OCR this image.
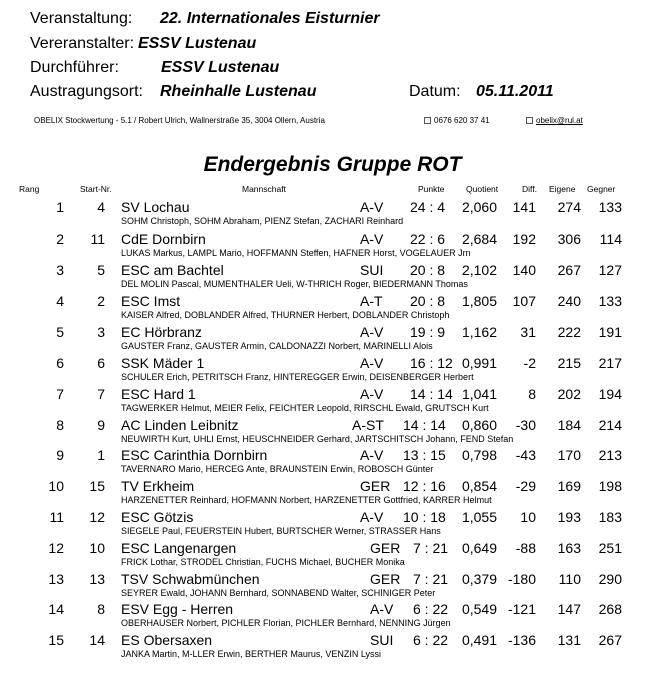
Veranstaltung: 22. Internationales Eisturnier
Vereranstalter: ESSV Lustenau
Durchführer:	ESSV Lustenau
Austragungsort: Rheinhalle Lustenau	Datum: 05.11.2011
OBELIX Stockwertung - 5.1 / Robert Ulrich, Wallnerstraße 35, 3004 Ollern, Austria	0676 620 37 41	obelix@rul.at
Endergebnis Gruppe ROT
Rang	Start-Nr.	Mannschaft	Punkte	Quotient	Diff. Eigene Gegner
1	4 SV Lochau	A-V 24 : 4	2,060	141	274	133
SOHM Christoph, SOHM Abraham, PIENZ Stefan, ZACHARI Reinhard
2	11 CdE Dornbirn	A-V 22 : 6	2,684	192	306	114
LUKAS Markus, LAMPL Mario, HOFFMANN Steffen, HAFNER Horst, VOGELAUER Jrn
3	5 ESC am Bachtel	SUI 20 : 8	2,102	140	267	127
DEL MOLIN Pascal, MUMENTHALER Ueli, W-THRICH Roger, BIEDERMANN Thomas
4	2 ESC Imst	A-T 20 : 8	1,805	107	240	133
KAISER Alfred, DOBLANDER Alfred, THURNER Herbert, DOBLANDER Christoph
5	3 EC Hörbranz	A-V 19 : 9	1,162	31	222	191
GAUSTER Franz, GAUSTER Armin, CALDONAZZI Norbert, MARINELLI Alois
6	6 SSK Mäder 1	A-V 16 : 12 0,991	-2	215	217
SCHULER Erich, PETRITSCH Franz, HINTEREGGER Erwin, DEISENBERGER Herbert
7	7 ESC Hard 1	A-V 14 : 14 1,041	8	202	194
TAGWERKER Helmut, MEIER Felix, FEICHTER Leopold, RIRSCHL Ewald, GRUTSCH Kurt
8	9 AC Linden Leibnitz	A-ST 14 : 14	0,860	-30	184	214
NEUWIRTH Kurt, UHLI Ernst, HEUSCHNEIDER Gerhard, JARTSCHITSCH Johann, FEND Stefan
9	1 ESC Carinthia Dornbirn	A-V 13 : 15	0,798	-43	170	213
TAVERNARO Mario, HERCEG Ante, BRAUNSTEIN Erwin, ROBOSCH Günter
10	15 TV Erkheim	GER 12 : 16	0,854	-29	169	198
HARZENETTER Reinhard, HOFMANN Norbert, HARZENETTER Gottfried, KARRER Helmut
11	12 ESC Götzis	A-V 10 : 18	1,055	10	193	183
SIEGELE Paul, FEUERSTEIN Hubert, BURTSCHER Werner, STRASSER Hans
12	10 ESC Langenargen	GER 7 : 21 0,649	-88	163	251
FRICK Lothar, STRODEL Christian, FUCHS Michael, BUCHER Monika
13	13 TSV Schwabmünchen	GER 7 : 21 0,379 -180	110	290
SEYRER Ewald, JOHANN Bernhard, SONNABEND Walter, SCHاNIGER Peter
14	8 ESV Egg - Herren	A-V 6 : 22 0,549 -121	147	268
OBERHAUSER Norbert, PICHLER Florian, PICHLER Bernhard, NENNING Jürgen
15	14 ES Obersaxen	SUI 6 : 22 0,491 -136	131	267
JANKA Martin, M-LLER Erwin, BERTHER Maurus, VENZIN Lyssi
